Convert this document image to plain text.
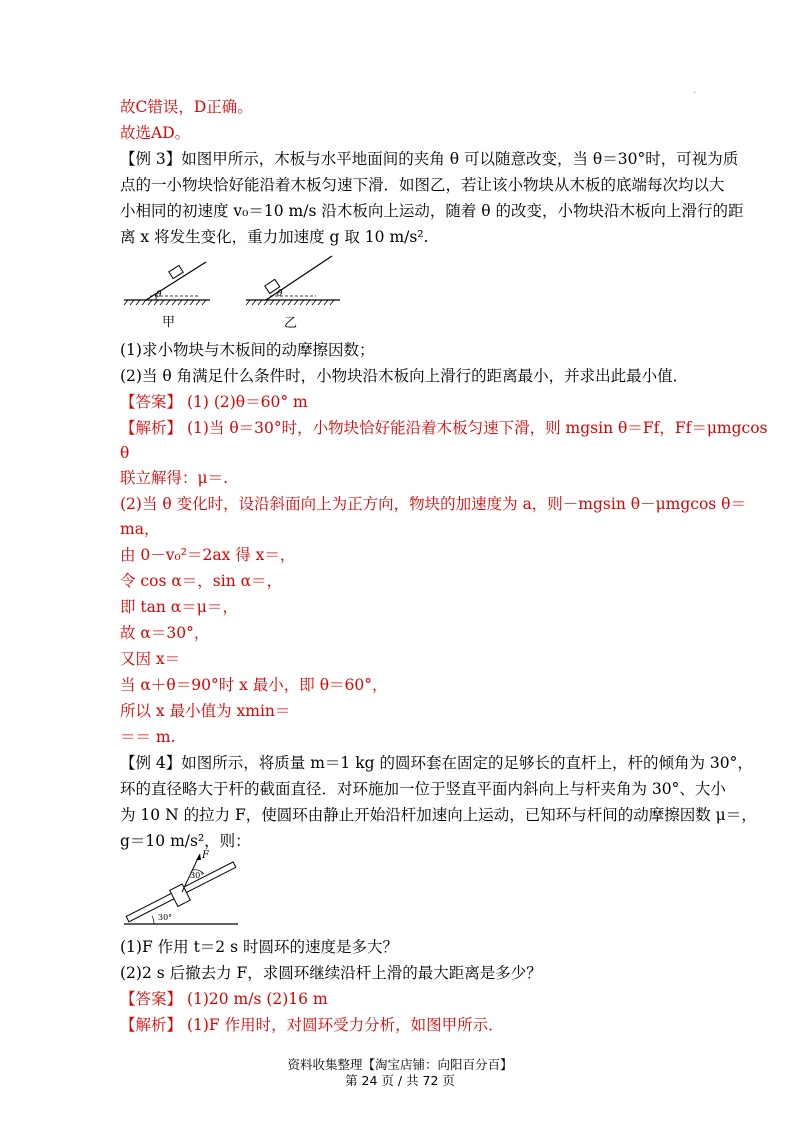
·
故C错误，D正确。
故选AD。
【例 3】如图甲所示，木板与水平地面间的夹角 θ 可以随意改变，当 θ＝30°时，可视为质
点的一小物块恰好能沿着木板匀速下滑．如图乙，若让该小物块从木板的底端每次均以大
小相同的初速度 v₀＝10 m/s 沿木板向上运动，随着 θ 的改变，小物块沿木板向上滑行的距
离 x 将发生变化，重力加速度 g 取 10 m/s².
θ
甲
θ
乙
(1)求小物块与木板间的动摩擦因数；
(2)当 θ 角满足什么条件时，小物块沿木板向上滑行的距离最小，并求出此最小值．
【答案】 (1) (2)θ＝60° m
【解析】 (1)当 θ＝30°时，小物块恰好能沿着木板匀速下滑，则 mgsin θ＝Ff，Ff＝μmgcos
θ
联立解得：μ＝.
(2)当 θ 变化时，设沿斜面向上为正方向，物块的加速度为 a，则－mgsin θ－μmgcos θ＝
ma，
由 0－v₀²＝2ax 得 x＝，
令 cos α＝，sin α＝，
即 tan α＝μ＝，
故 α＝30°，
又因 x＝
当 α＋θ＝90°时 x 最小，即 θ＝60°，
所以 x 最小值为 xmin＝
＝＝ m.
【例 4】如图所示，将质量 m＝1 kg 的圆环套在固定的足够长的直杆上，杆的倾角为 30°，
环的直径略大于杆的截面直径．对环施加一位于竖直平面内斜向上与杆夹角为 30°、大小
为 10 N 的拉力 F，使圆环由静止开始沿杆加速向上运动，已知环与杆间的动摩擦因数 μ＝，
g＝10 m/s²，则：
F
30°
30°
(1)F 作用 t＝2 s 时圆环的速度是多大？
(2)2 s 后撤去力 F，求圆环继续沿杆上滑的最大距离是多少？
【答案】 (1)20 m/s (2)16 m
【解析】 (1)F 作用时，对圆环受力分析，如图甲所示．
资料收集整理【淘宝店铺：向阳百分百】
第 24 页 / 共 72 页
